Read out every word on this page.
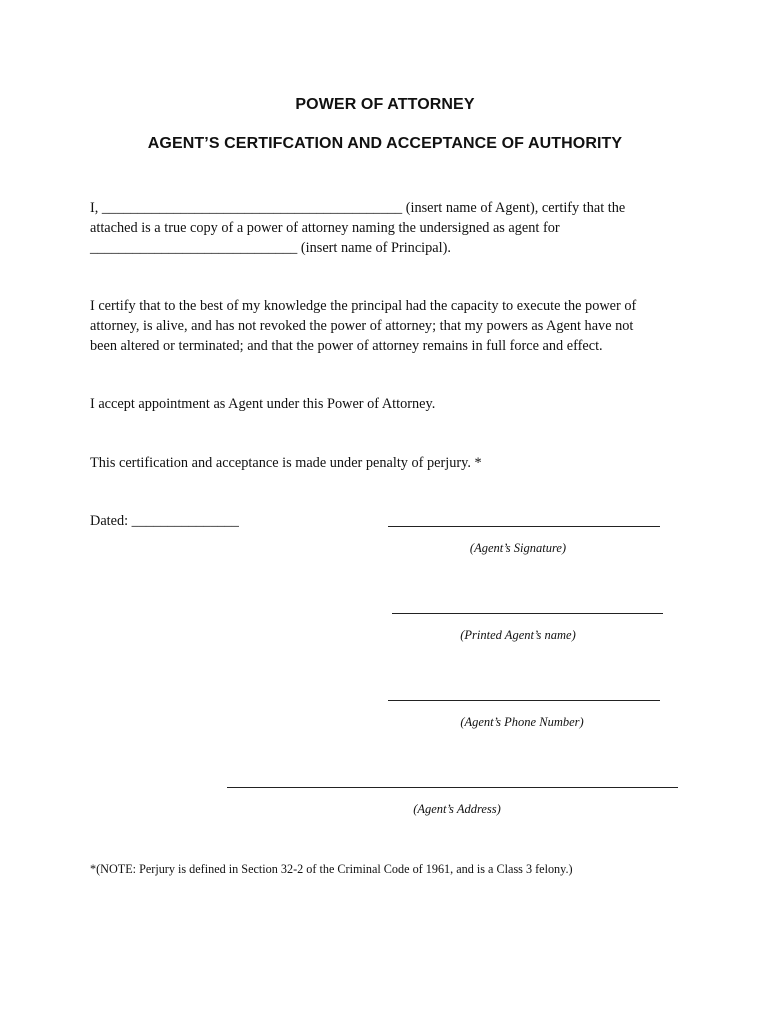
POWER OF ATTORNEY
AGENT’S CERTIFCATION AND ACCEPTANCE OF AUTHORITY
I, __________________________________________ (insert name of Agent), certify that the
attached is a true copy of a power of attorney naming the undersigned as agent for
_____________________________ (insert name of Principal).
I certify that to the best of my knowledge the principal had the capacity to execute the power of
attorney, is alive, and has not revoked the power of attorney; that my powers as Agent have not
been altered or terminated; and that the power of attorney remains in full force and effect.
I accept appointment as Agent under this Power of Attorney.
This certification and acceptance is made under penalty of perjury. *
Dated: _______________
(Agent’s Signature)
(Printed Agent’s name)
(Agent’s Phone Number)
(Agent’s Address)
*(NOTE: Perjury is defined in Section 32-2 of the Criminal Code of 1961, and is a Class 3 felony.)
